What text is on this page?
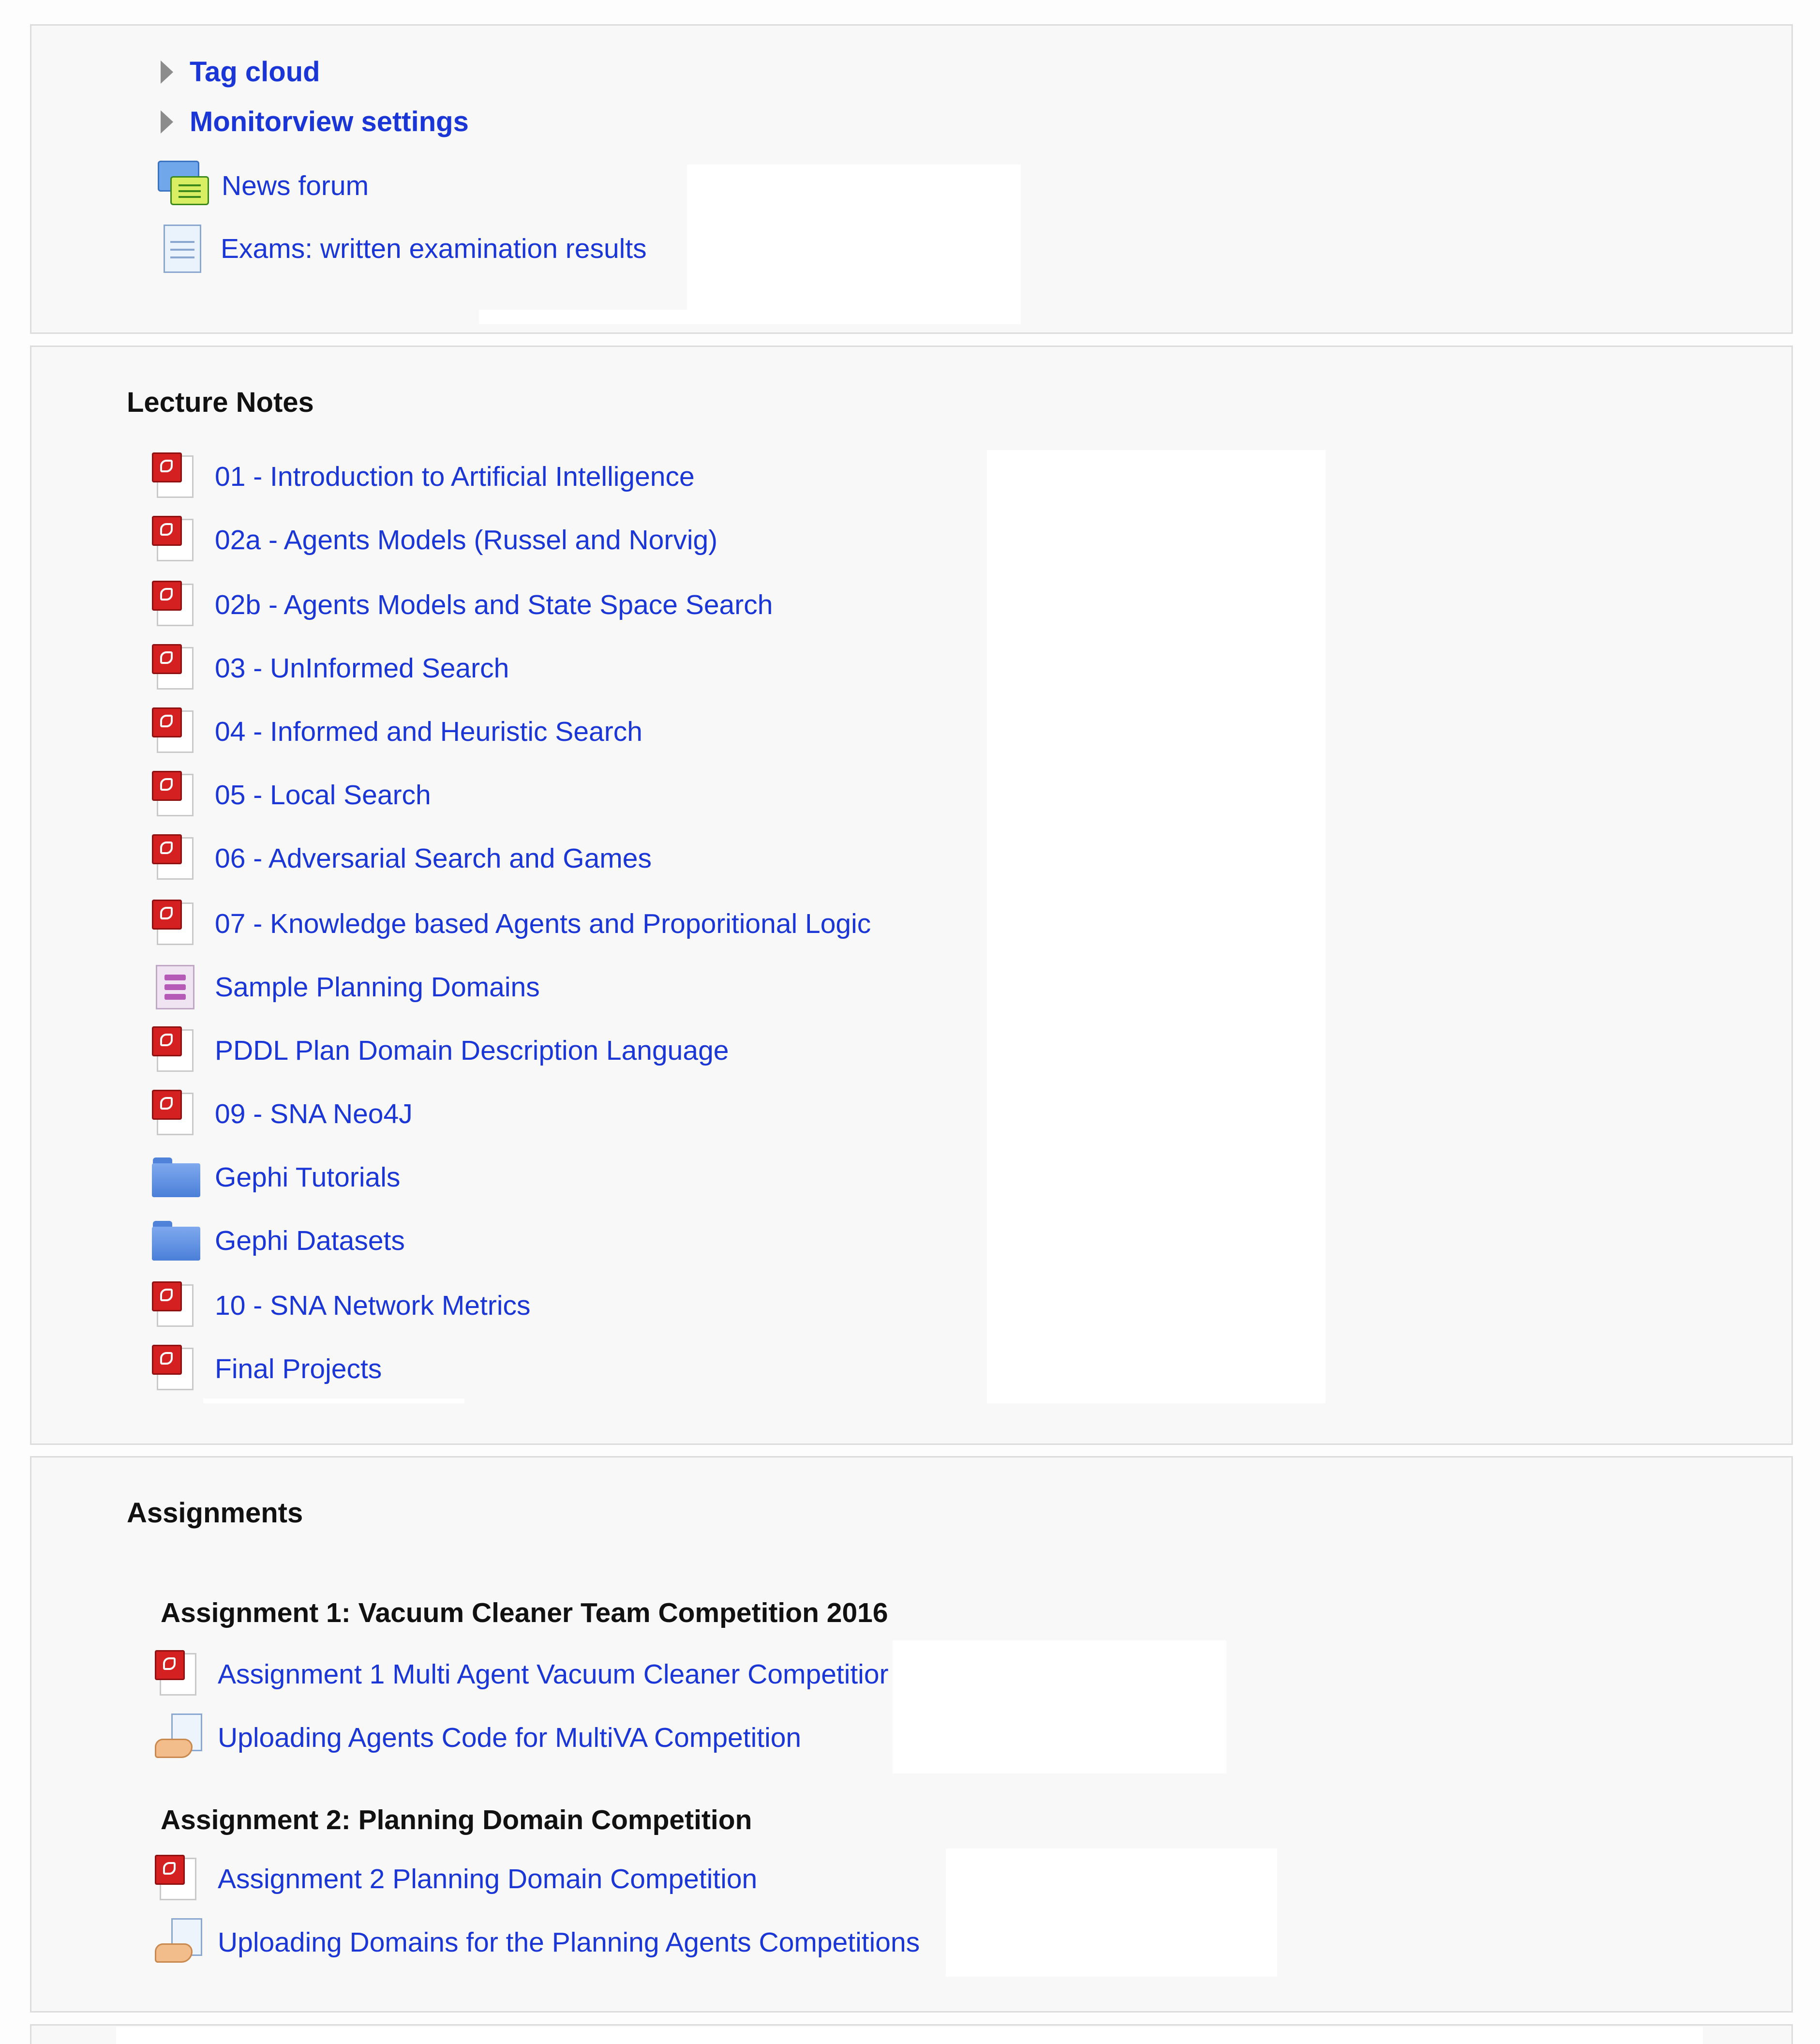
Tag cloud
Monitorview settings
News forum
Exams: written examination results
Lecture Notes
01 - Introduction to Artificial Intelligence
02a - Agents Models (Russel and Norvig)
02b - Agents Models and State Space Search
03 - UnInformed Search
04 - Informed and Heuristic Search
05 - Local Search
06 - Adversarial Search and Games
07 - Knowledge based Agents and Proporitional Logic
Sample Planning Domains
PDDL Plan Domain Description Language
09 - SNA Neo4J
Gephi Tutorials
Gephi Datasets
10 - SNA Network Metrics
Final Projects
Assignments
Assignment 1: Vacuum Cleaner Team Competition 2016
Assignment 1 Multi Agent Vacuum Cleaner Competitior
Uploading Agents Code for MultiVA Competition
Assignment 2: Planning Domain Competition
Assignment 2 Planning Domain Competition
Uploading Domains for the Planning Agents Competitions
